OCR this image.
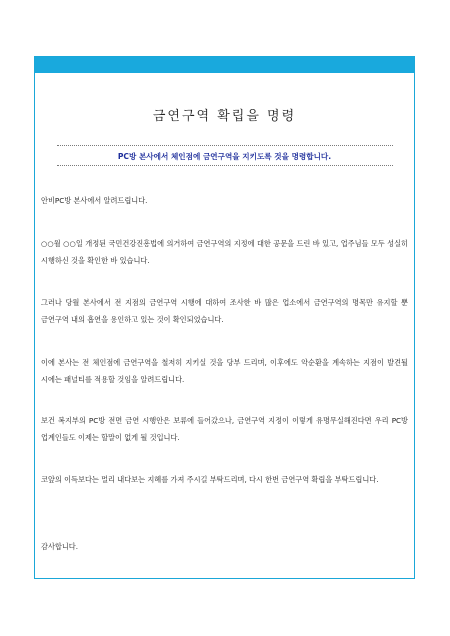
금연구역 확립을 명령
PC방 본사에서 체인점에 금연구역을 지키도록 것을 명령합니다.
안비PC방 본사에서 알려드립니다.
○○월 ○○일 개정된 국민건강진흥법에 의거하여 금연구역의 지정에 대한 공문을 드린 바 있고, 업주님들 모두 성실히 시행하신 것을 확인한 바 있습니다.
그러나 당월 본사에서 전 지점의 금연구역 시행에 대하여 조사한 바 많은 업소에서 금연구역의 명목만 유지할 뿐 금연구역 내의 흡연을 용인하고 있는 것이 확인되었습니다.
이에 본사는 전 체인점에 금연구역을 철저히 지키실 것을 당부 드리며, 이후에도 악순환을 계속하는 지점이 발견될 시에는 패널티를 적용할 것임을 알려드립니다.
보건 복지부의 PC방 전면 금연 시행안은 보류에 들어갔으나, 금연구역 지정이 이렇게 유명무실해진다면 우리 PC방 업계인들도 이제는 할말이 없게 될 것입니다.
코앞의 이득보다는 멀리 내다보는 지혜를 가져 주시길 부탁드리며, 다시 한번 금연구역 확립을 부탁드립니다.
감사합니다.
